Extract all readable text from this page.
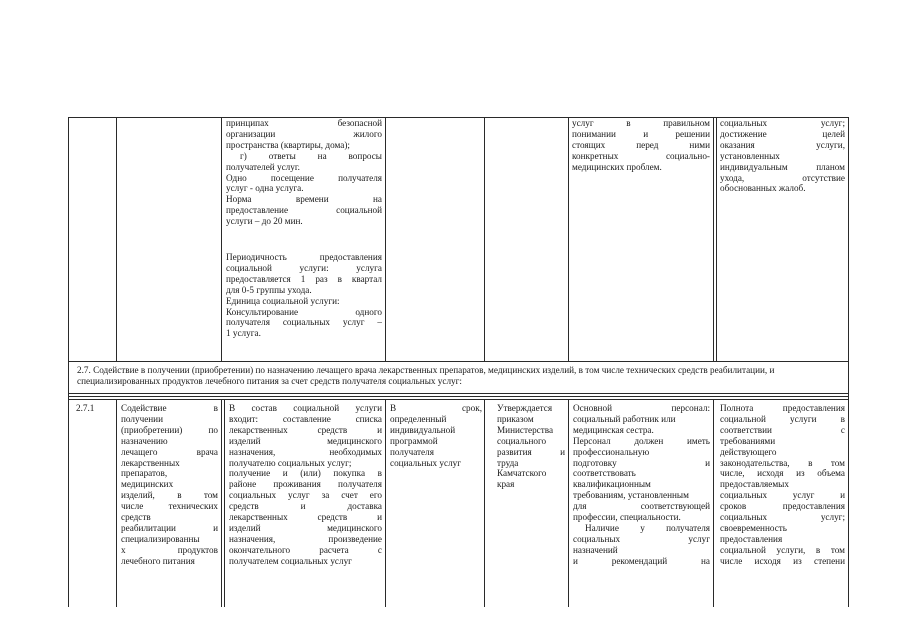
принципах безопасной

организации жилого

пространства (квартиры, дома);

г) ответы на вопросы

получателей услуг.

Одно посещение получателя

услуг - одна услуга.

Норма времени на

предоставление социальной

услуги – до 20 мин.

Периодичность предоставления

социальной услуги: услуга

предоставляется 1 раз в квартал

для 0-5 группы ухода.

Единица социальной услуги:

Консультирование одного

получателя социальных услуг –

1 услуга.

услуг в правильном

понимании и решении

стоящих перед ними

конкретных социально-

медицинских проблем.

социальных услуг;

достижение целей

оказания услуги,

установленных

индивидуальным планом

ухода, отсутствие

обоснованных жалоб.

2.7. Содействие в получении (приобретении) по назначению лечащего врача лекарственных препаратов, медицинских изделий, в том числе технических средств реабилитации, и специализированных продуктов лечебного питания за счет средств получателя социальных услуг:
2.7.1	Содействие в

получении

(приобретении) по

назначению

лечащего врача

лекарственных

препаратов,

медицинских

изделий, в том

числе технических

средств

реабилитации и

специализированны

х продуктов

лечебного питания

В состав социальной услуги

входит: составление списка

лекарственных средств и

изделий медицинского

назначения, необходимых

получателю социальных услуг;

получение и (или) покупка в

районе проживания получателя

социальных услуг за счет его

средств и доставка

лекарственных средств и

изделий медицинского

назначения, произведение

окончательного расчета с

получателем социальных услуг

В срок,

определенный

индивидуальной

программой

получателя

социальных услуг

Утверждается

приказом

Министерства

социального

развития и

труда

Камчатского

края

Основной персонал:

социальный работник или

медицинская сестра.

Персонал должен иметь

профессиональную

подготовку и

соответствовать

квалификационным

требованиям, установленным

для соответствующей

профессии, специальности.

Наличие у получателя

социальных услуг

назначений

и рекомендаций на

Полнота предоставления

социальной услуги в

соответствии с

требованиями

действующего

законодательства, в том

числе, исходя из объема

предоставляемых

социальных услуг и

сроков предоставления

социальных услуг;

своевременность

предоставления

социальной услуги, в том

числе исходя из степени
